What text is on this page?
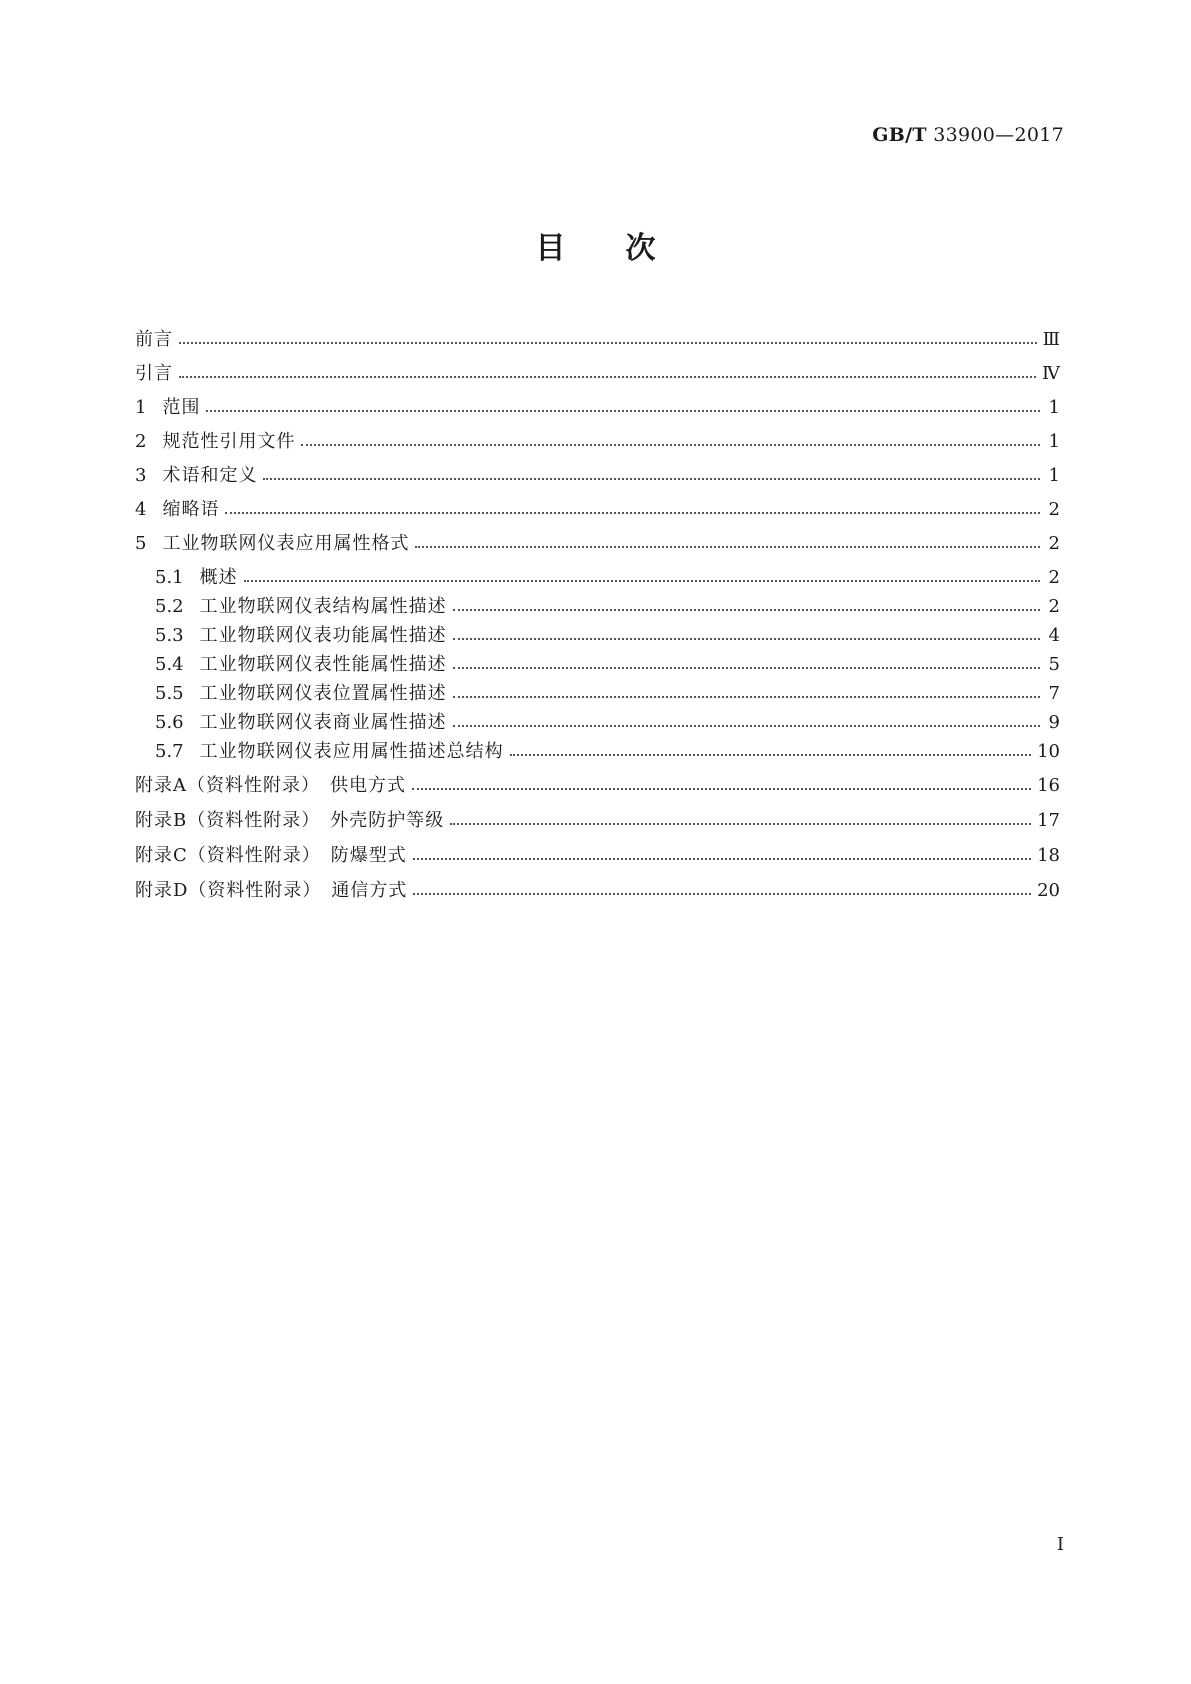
GB/T 33900—2017
目次
前言	Ⅲ
引言	Ⅳ
1 范围	1
2 规范性引用文件	1
3 术语和定义	1
4 缩略语	2
5 工业物联网仪表应用属性格式	2
5.1 概述	2
5.2 工业物联网仪表结构属性描述	2
5.3 工业物联网仪表功能属性描述	4
5.4 工业物联网仪表性能属性描述	5
5.5 工业物联网仪表位置属性描述	7
5.6 工业物联网仪表商业属性描述	9
5.7 工业物联网仪表应用属性描述总结构	10
附录A（资料性附录）　供电方式	16
附录B（资料性附录）　外壳防护等级	17
附录C（资料性附录）　防爆型式	18
附录D（资料性附录）　通信方式	20
Ⅰ
